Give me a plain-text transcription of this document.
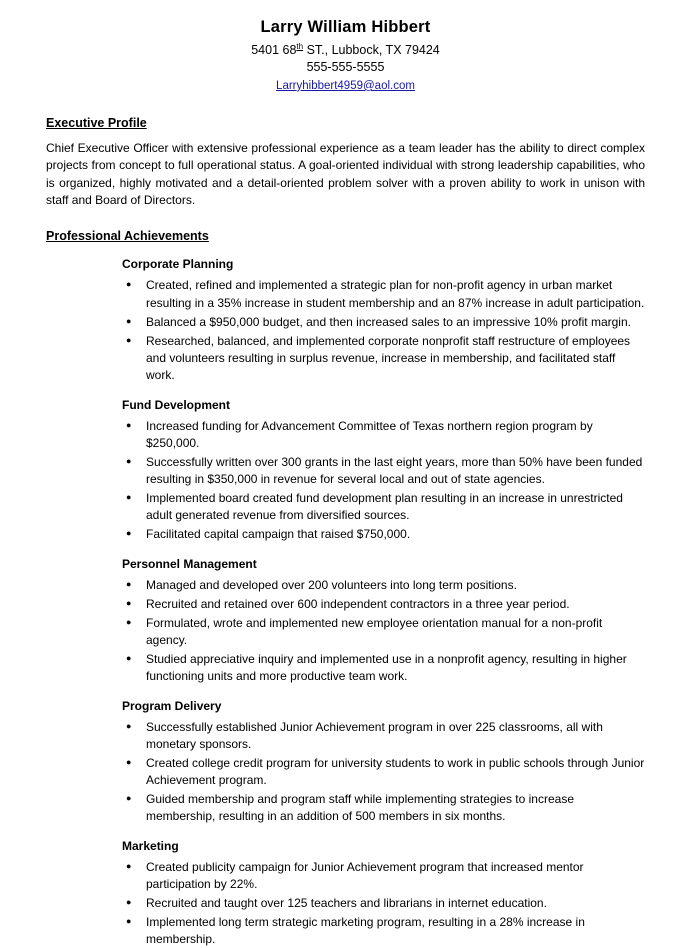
Larry William Hibbert
5401 68th ST., Lubbock, TX 79424
555-555-5555
Larryhibbert4959@aol.com
Executive Profile
Chief Executive Officer with extensive professional experience as a team leader has the ability to direct complex projects from concept to full operational status. A goal-oriented individual with strong leadership capabilities, who is organized, highly motivated and a detail-oriented problem solver with a proven ability to work in unison with staff and Board of Directors.
Professional Achievements
Corporate Planning
● Created, refined and implemented a strategic plan for non-profit agency in urban market resulting in a 35% increase in student membership and an 87% increase in adult participation.
● Balanced a $950,000 budget, and then increased sales to an impressive 10% profit margin.
● Researched, balanced, and implemented corporate nonprofit staff restructure of employees and volunteers resulting in surplus revenue, increase in membership, and facilitated staff work.
Fund Development
● Increased funding for Advancement Committee of Texas northern region program by $250,000.
● Successfully written over 300 grants in the last eight years, more than 50% have been funded resulting in $350,000 in revenue for several local and out of state agencies.
● Implemented board created fund development plan resulting in an increase in unrestricted adult generated revenue from diversified sources.
● Facilitated capital campaign that raised $750,000.
Personnel Management
● Managed and developed over 200 volunteers into long term positions.
● Recruited and retained over 600 independent contractors in a three year period.
● Formulated, wrote and implemented new employee orientation manual for a non-profit agency.
● Studied appreciative inquiry and implemented use in a nonprofit agency, resulting in higher functioning units and more productive team work.
Program Delivery
● Successfully established Junior Achievement program in over 225 classrooms, all with monetary sponsors.
● Created college credit program for university students to work in public schools through Junior Achievement program.
● Guided membership and program staff while implementing strategies to increase membership, resulting in an addition of 500 members in six months.
Marketing
● Created publicity campaign for Junior Achievement program that increased mentor participation by 22%.
● Recruited and taught over 125 teachers and librarians in internet education.
● Implemented long term strategic marketing program, resulting in a 28% increase in membership.
